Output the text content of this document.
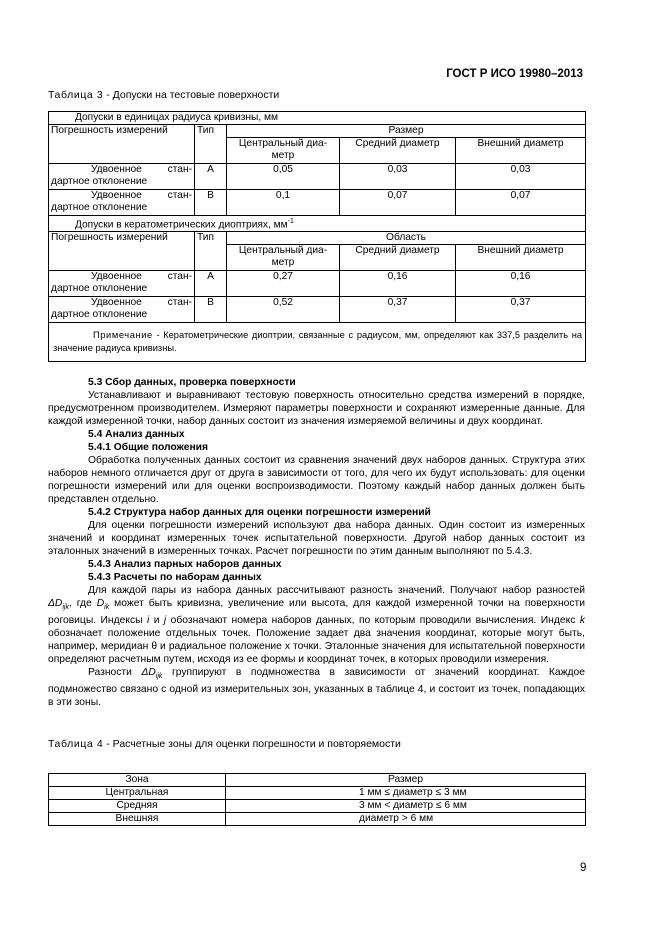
ГОСТ Р ИСО 19980–2013
Таблица 3 - Допуски на тестовые поверхности
Допуски в единицах радиуса кривизны, мм				
Погрешность измерений	Тип	Размер		
		Центральный диа-метр	Средний диаметр	Внешний диаметр

Удвоенное стан-
дартное отклонение	A	0,05	0,03	0,03

Удвоенное стан-
дартное отклонение	B	0,1	0,07	0,07
Допуски в кератометрических диоптриях, $мм^{-1}$
Погрешность измерений	Тип	Область		
		Центральный диа-метр	Средний диаметр	Внешний диаметр

Удвоенное стан-
дартное отклонение	A	0,27	0,16	0,16

Удвоенное стан-
дартное отклонение	B	0,52	0,37	0,37
Примечание - Кератометрические диоптрии, связанные с радиусом, мм, определяют как 337,5 разделить на значение радиуса кривизны.				

5.3 Сбор данных, проверка поверхности

Устанавливают и выравнивают тестовую поверхность относительно средства измерений в порядке, предусмотренном производителем. Измеряют параметры поверхности и сохраняют измеренные данные. Для каждой измеренной точки, набор данных состоит из значения измеряемой величины и двух координат.

5.4 Анализ данных

5.4.1 Общие положения

Обработка полученных данных состоит из сравнения значений двух наборов данных. Структура этих наборов немного отличается друг от друга в зависимости от того, для чего их будут использовать: для оценки погрешности измерений или для оценки воспроизводимости. Поэтому каждый набор данных должен быть представлен отдельно.

5.4.2 Структура набор данных для оценки погрешности измерений

Для оценки погрешности измерений используют два набора данных. Один состоит из измеренных значений и координат измеренных точек испытательной поверхности. Другой набор данных состоит из эталонных значений в измеренных точках. Расчет погрешности по этим данным выполняют по 5.4.3.

5.4.3 Анализ парных наборов данных

5.4.3 Расчеты по наборам данных

Для каждой пары из набора данных рассчитывают разность значений. Получают набор разностей $\Delta D_{ijk}$, где $D_{ik}$ может быть кривизна, увеличение или высота, для каждой измеренной точки на поверхности роговицы. Индексы i и j обозначают номера наборов данных, по которым проводили вычисления. Индекс k обозначает положение отдельных точек. Положение задает два значения координат, которые могут быть, например, меридиан θ и радиальное положение x точки. Эталонные значения для испытательной поверхности определяют расчетным путем, исходя из ее формы и координат точек, в которых проводили измерения.

Разности $\Delta D_{ijk}$ группируют в подмножества в зависимости от значений координат. Каждое подмножество связано с одной из измерительных зон, указанных в таблице 4, и состоит из точек, попадающих в эти зоны.

Таблица 4 - Расчетные зоны для оценки погрешности и повторяемости
Зона	Размер
Центральная	1 мм ≤ диаметр ≤ 3 мм
Средняя	3 мм < диаметр ≤ 6 мм
Внешняя	диаметр > 6 мм
9
